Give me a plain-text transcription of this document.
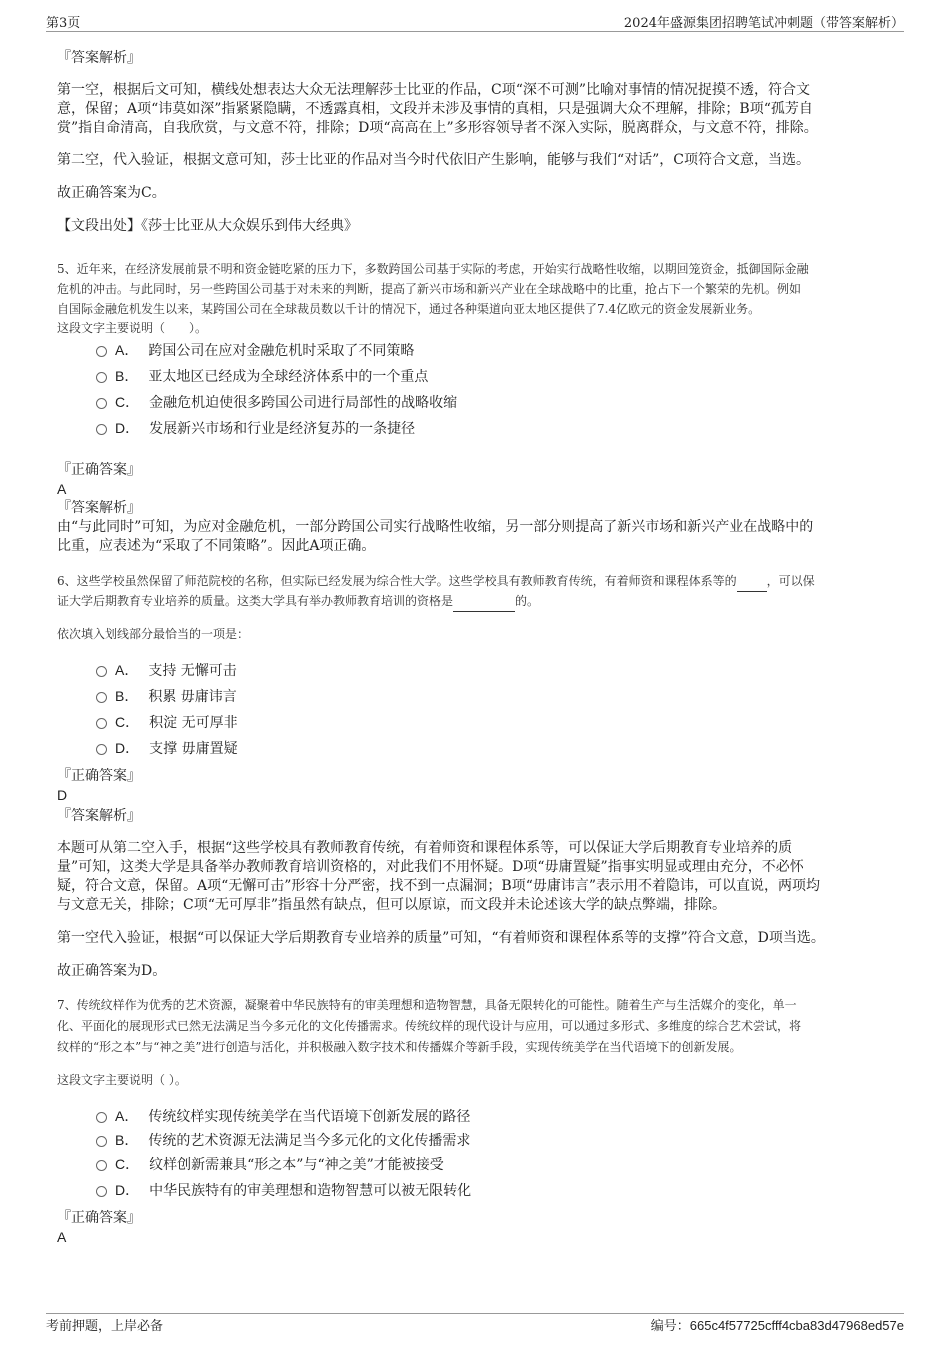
第3页	2024年盛源集团招聘笔试冲刺题（带答案解析）
『答案解析』
第一空，根据后文可知，横线处想表达大众无法理解莎士比亚的作品，C项“深不可测”比喻对事情的情况捉摸不透，符合文
意，保留；A项“讳莫如深”指紧紧隐瞒，不透露真相，文段并未涉及事情的真相，只是强调大众不理解，排除；B项“孤芳自
赏”指自命清高，自我欣赏，与文意不符，排除；D项“高高在上”多形容领导者不深入实际，脱离群众，与文意不符，排除。
第二空，代入验证，根据文意可知，莎士比亚的作品对当今时代依旧产生影响，能够与我们“对话”，C项符合文意，当选。
故正确答案为C。
【文段出处】《莎士比亚从大众娱乐到伟大经典》
5、近年来，在经济发展前景不明和资金链吃紧的压力下，多数跨国公司基于实际的考虑，开始实行战略性收缩，以期回笼资金，抵御国际金融
危机的冲击。与此同时，另一些跨国公司基于对未来的判断，提高了新兴市场和新兴产业在全球战略中的比重，抢占下一个繁荣的先机。例如
自国际金融危机发生以来，某跨国公司在全球裁员数以千计的情况下，通过各种渠道向亚太地区提供了7.4亿欧元的资金发展新业务。
这段文字主要说明（　　）。
A． 跨国公司在应对金融危机时采取了不同策略
B． 亚太地区已经成为全球经济体系中的一个重点
C． 金融危机迫使很多跨国公司进行局部性的战略收缩
D． 发展新兴市场和行业是经济复苏的一条捷径
『正确答案』
A
『答案解析』
由“与此同时”可知，为应对金融危机，一部分跨国公司实行战略性收缩，另一部分则提高了新兴市场和新兴产业在战略中的
比重，应表述为“采取了不同策略”。因此A项正确。
6、这些学校虽然保留了师范院校的名称，但实际已经发展为综合性大学。这些学校具有教师教育传统，有着师资和课程体系等的	，可以保
证大学后期教育专业培养的质量。这类大学具有举办教师教育培训的资格是	的。
依次填入划线部分最恰当的一项是：
A． 支持 无懈可击
B． 积累 毋庸讳言
C． 积淀 无可厚非
D． 支撑 毋庸置疑
『正确答案』
D
『答案解析』
本题可从第二空入手，根据“这些学校具有教师教育传统，有着师资和课程体系等，可以保证大学后期教育专业培养的质
量”可知，这类大学是具备举办教师教育培训资格的，对此我们不用怀疑。D项“毋庸置疑”指事实明显或理由充分，不必怀
疑，符合文意，保留。A项“无懈可击”形容十分严密，找不到一点漏洞；B项“毋庸讳言”表示用不着隐讳，可以直说，两项均
与文意无关，排除；C项“无可厚非”指虽然有缺点，但可以原谅，而文段并未论述该大学的缺点弊端，排除。
第一空代入验证，根据“可以保证大学后期教育专业培养的质量”可知，“有着师资和课程体系等的支撑”符合文意，D项当选。
故正确答案为D。
7、传统纹样作为优秀的艺术资源，凝聚着中华民族特有的审美理想和造物智慧，具备无限转化的可能性。随着生产与生活媒介的变化，单一
化、平面化的展现形式已然无法满足当今多元化的文化传播需求。传统纹样的现代设计与应用，可以通过多形式、多维度的综合艺术尝试，将
纹样的“形之本”与“神之美”进行创造与活化，并积极融入数字技术和传播媒介等新手段，实现传统美学在当代语境下的创新发展。
这段文字主要说明（ ）。
A． 传统纹样实现传统美学在当代语境下创新发展的路径
B． 传统的艺术资源无法满足当今多元化的文化传播需求
C． 纹样创新需兼具“形之本”与“神之美”才能被接受
D． 中华民族特有的审美理想和造物智慧可以被无限转化
『正确答案』
A
考前押题，上岸必备	编号：665c4f57725cfff4cba83d47968ed57e
